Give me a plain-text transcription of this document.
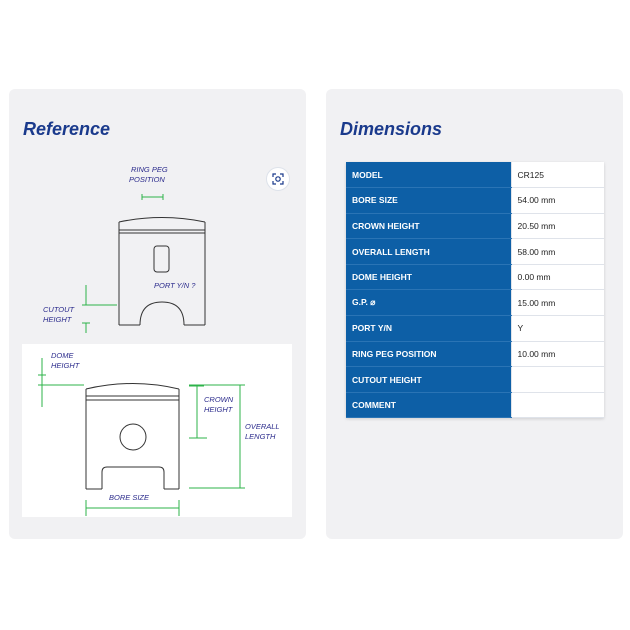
RING PEG
POSITION
PORT Y/N ?
CUTOUT
HEIGHT
DOME
HEIGHT
CROWN
HEIGHT
OVERALL
LENGTH
BORE SIZE
Reference	Dimensions
MODEL	CR125
BORE SIZE	54.00 mm
CROWN HEIGHT	20.50 mm
OVERALL LENGTH	58.00 mm
DOME HEIGHT	0.00 mm
G.P. ⌀	15.00 mm
PORT Y/N	Y
RING PEG POSITION	10.00 mm
CUTOUT HEIGHT	
COMMENT	
